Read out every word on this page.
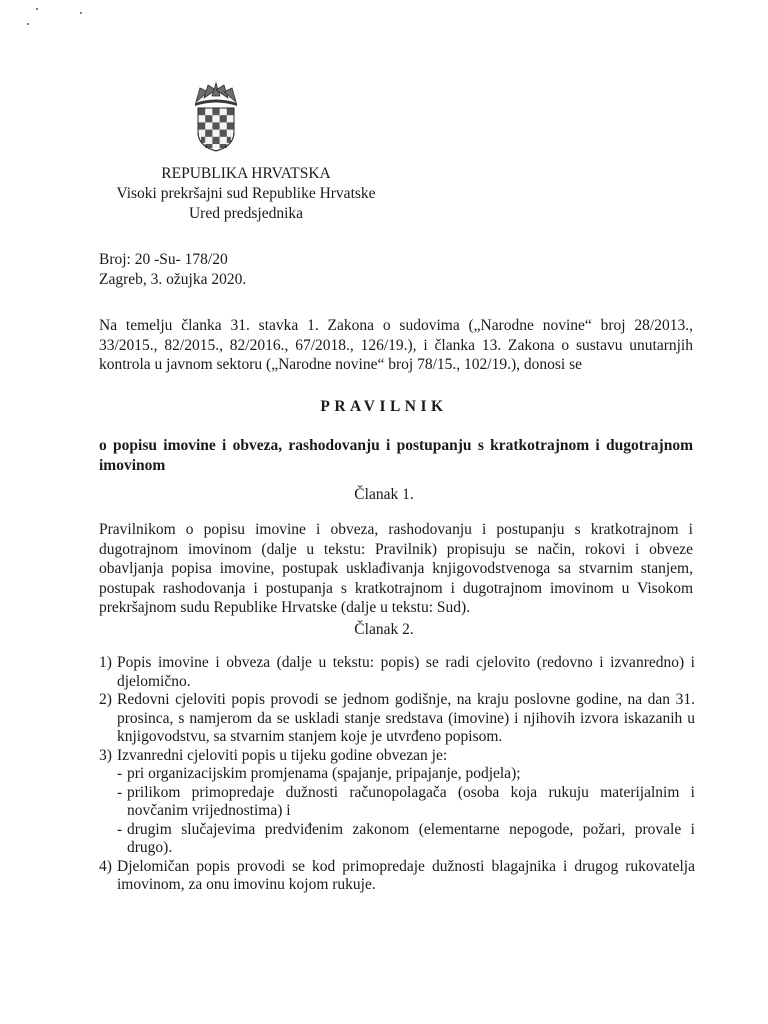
REPUBLIKA HRVATSKA
Visoki prekršajni sud Republike Hrvatske
Ured predsjednika
Broj: 20 -Su- 178/20
Zagreb, 3. ožujka 2020.
Na temelju članka 31. stavka 1. Zakona o sudovima („Narodne novine“ broj 28/2013.,
33/2015., 82/2015., 82/2016., 67/2018., 126/19.), i članka 13. Zakona o sustavu unutarnjih
kontrola u javnom sektoru („Narodne novine“ broj 78/15., 102/19.), donosi se
PRAVILNIK
o popisu imovine i obveza, rashodovanju i postupanju s kratkotrajnom i dugotrajnom
imovinom
Članak 1.
Pravilnikom o popisu imovine i obveza, rashodovanju i postupanju s kratkotrajnom i
dugotrajnom imovinom (dalje u tekstu: Pravilnik) propisuju se način, rokovi i obveze
obavljanja popisa imovine, postupak usklađivanja knjigovodstvenoga sa stvarnim stanjem,
postupak rashodovanja i postupanja s kratkotrajnom i dugotrajnom imovinom u Visokom
prekršajnom sudu Republike Hrvatske (dalje u tekstu: Sud).
Članak 2.
1) Popis imovine i obveza (dalje u tekstu: popis) se radi cjelovito (redovno i izvanredno) i
djelomično.
2) Redovni cjeloviti popis provodi se jednom godišnje, na kraju poslovne godine, na dan 31.
prosinca, s namjerom da se uskladi stanje sredstava (imovine) i njihovih izvora iskazanih u
knjigovodstvu, sa stvarnim stanjem koje je utvrđeno popisom.
3) Izvanredni cjeloviti popis u tijeku godine obvezan je:
- pri organizacijskim promjenama (spajanje, pripajanje, podjela);
- prilikom primopredaje dužnosti računopolagača (osoba koja rukuju materijalnim i
novčanim vrijednostima) i
- drugim slučajevima predviđenim zakonom (elementarne nepogode, požari, provale i
drugo).
4) Djelomičan popis provodi se kod primopredaje dužnosti blagajnika i drugog rukovatelja
imovinom, za onu imovinu kojom rukuje.
